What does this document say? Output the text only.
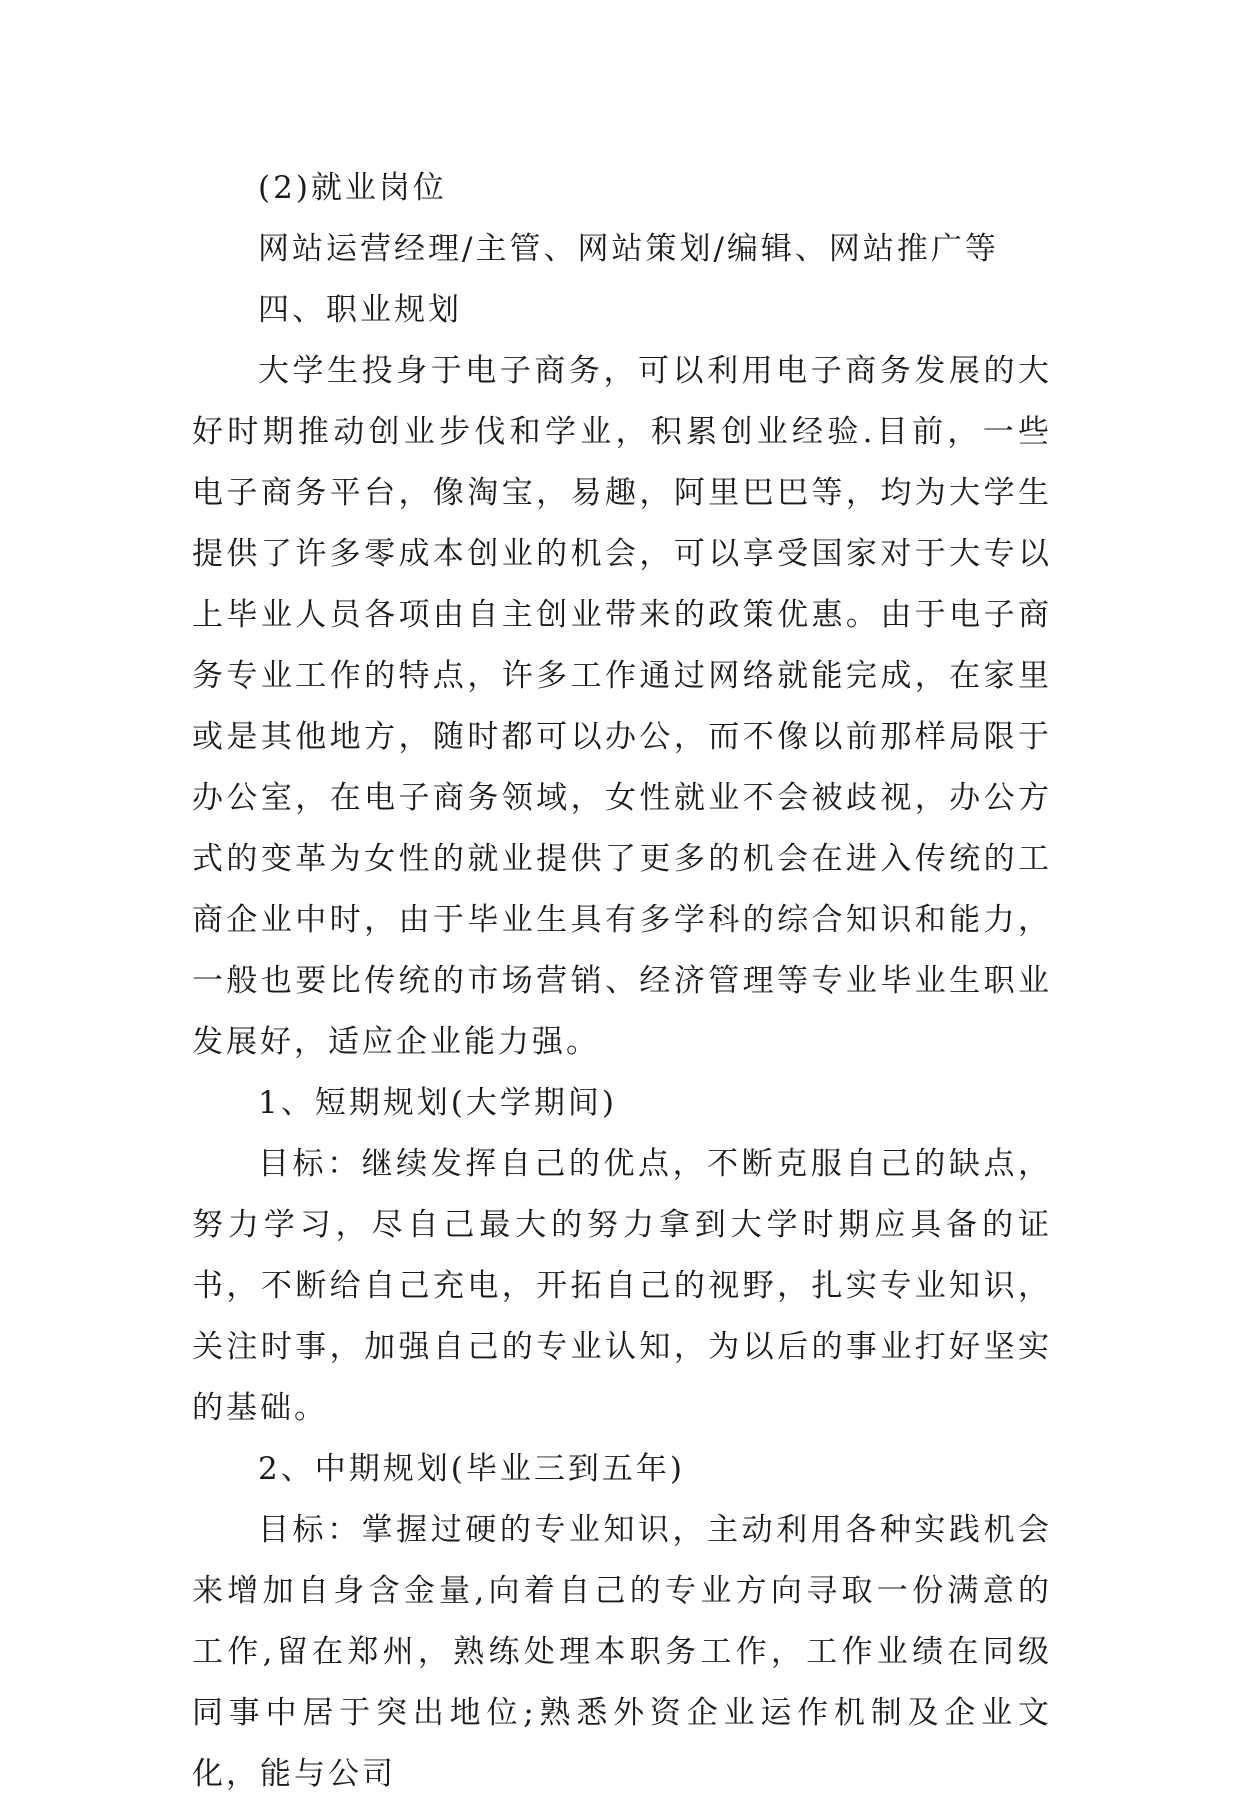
(2)就业岗位

网站运营经理/主管、网站策划/编辑、网站推广等

四、职业规划

大学生投身于电子商务，可以利用电子商务发展的大好时期推动创业步伐和学业，积累创业经验.目前，一些电子商务平台，像淘宝，易趣，阿里巴巴等，均为大学生提供了许多零成本创业的机会，可以享受国家对于大专以上毕业人员各项由自主创业带来的政策优惠。由于电子商务专业工作的特点，许多工作通过网络就能完成，在家里或是其他地方，随时都可以办公，而不像以前那样局限于办公室，在电子商务领域，女性就业不会被歧视，办公方式的变革为女性的就业提供了更多的机会在进入传统的工商企业中时，由于毕业生具有多学科的综合知识和能力，一般也要比传统的市场营销、经济管理等专业毕业生职业发展好，适应企业能力强。

1、短期规划(大学期间)

目标：继续发挥自己的优点，不断克服自己的缺点，努力学习，尽自己最大的努力拿到大学时期应具备的证书，不断给自己充电，开拓自己的视野，扎实专业知识，关注时事，加强自己的专业认知，为以后的事业打好坚实的基础。

2、中期规划(毕业三到五年)

目标：掌握过硬的专业知识，主动利用各种实践机会来增加自身含金量,向着自己的专业方向寻取一份满意的工作,留在郑州，熟练处理本职务工作，工作业绩在同级同事中居于突出地位;熟悉外资企业运作机制及企业文化，能与公司
